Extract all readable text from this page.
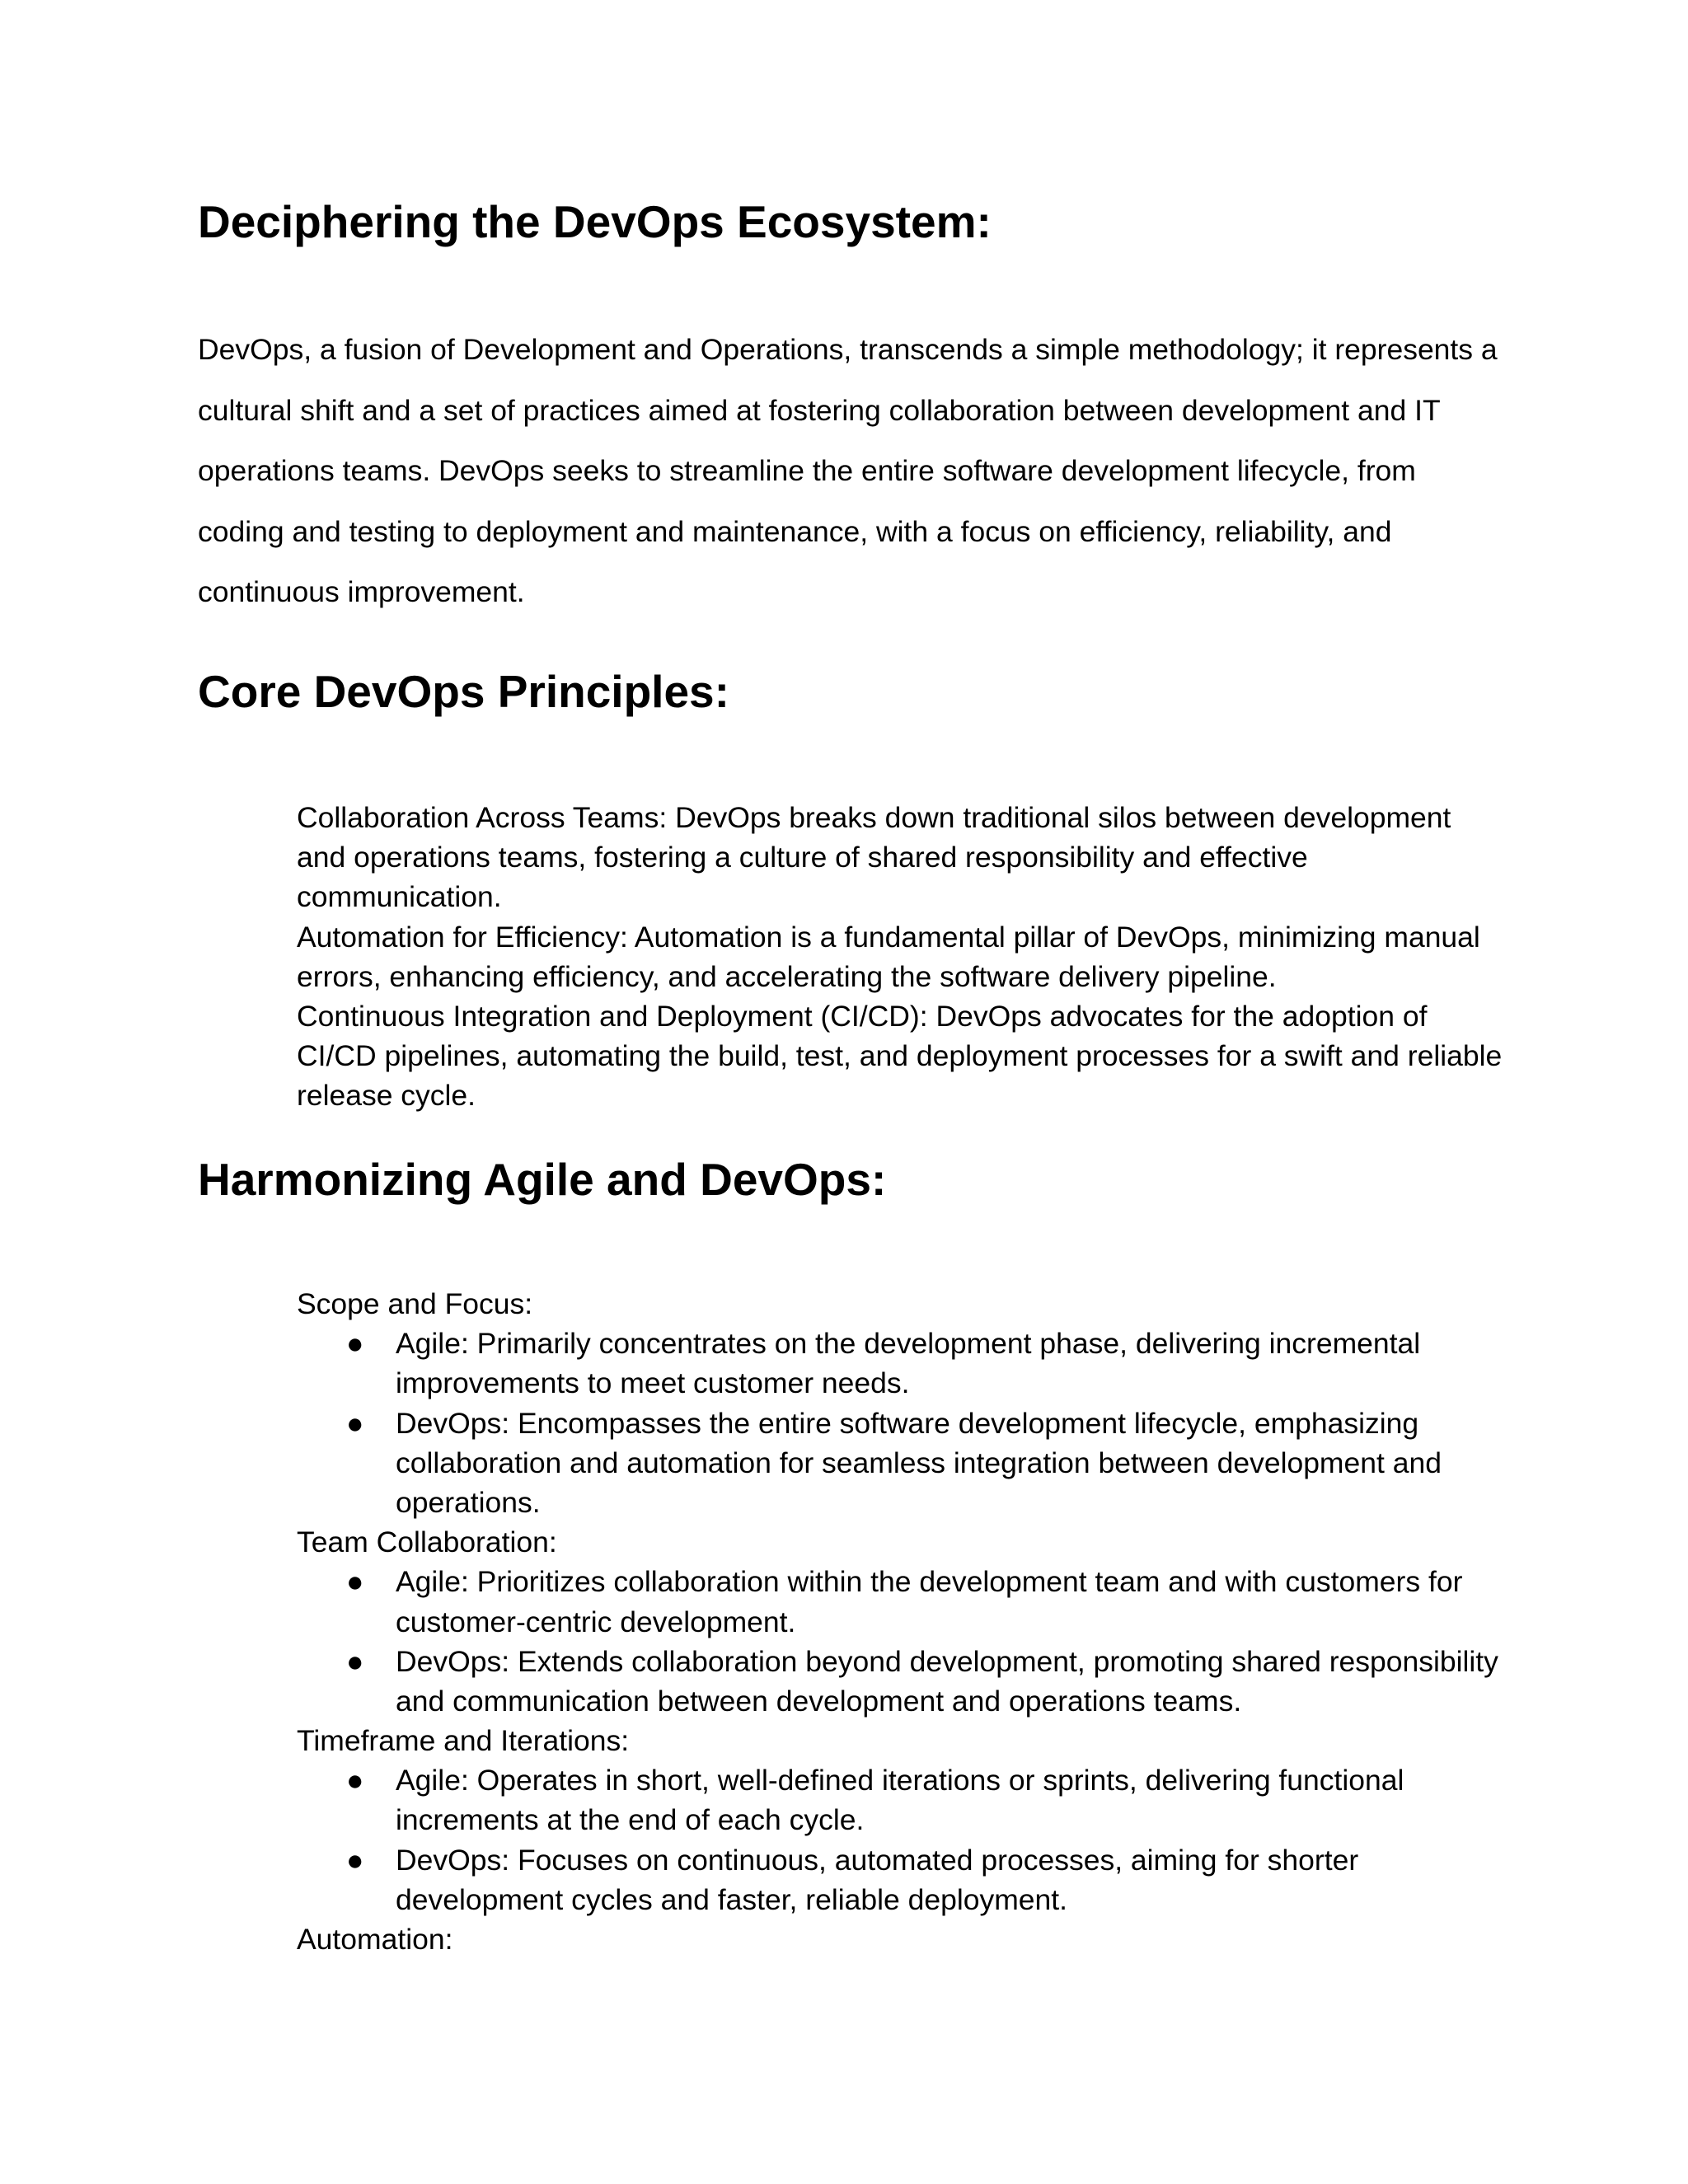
Deciphering the DevOps Ecosystem:
DevOps, a fusion of Development and Operations, transcends a simple methodology; it represents a
cultural shift and a set of practices aimed at fostering collaboration between development and IT
operations teams. DevOps seeks to streamline the entire software development lifecycle, from
coding and testing to deployment and maintenance, with a focus on efficiency, reliability, and
continuous improvement.
Core DevOps Principles:
Collaboration Across Teams: DevOps breaks down traditional silos between development
and operations teams, fostering a culture of shared responsibility and effective
communication.
Automation for Efficiency: Automation is a fundamental pillar of DevOps, minimizing manual
errors, enhancing efficiency, and accelerating the software delivery pipeline.
Continuous Integration and Deployment (CI/CD): DevOps advocates for the adoption of
CI/CD pipelines, automating the build, test, and deployment processes for a swift and reliable
release cycle.
Harmonizing Agile and DevOps:
Scope and Focus:
● Agile: Primarily concentrates on the development phase, delivering incremental
improvements to meet customer needs.
● DevOps: Encompasses the entire software development lifecycle, emphasizing
collaboration and automation for seamless integration between development and
operations.
Team Collaboration:
● Agile: Prioritizes collaboration within the development team and with customers for
customer-centric development.
● DevOps: Extends collaboration beyond development, promoting shared responsibility
and communication between development and operations teams.
Timeframe and Iterations:
● Agile: Operates in short, well-defined iterations or sprints, delivering functional
increments at the end of each cycle.
● DevOps: Focuses on continuous, automated processes, aiming for shorter
development cycles and faster, reliable deployment.
Automation:
